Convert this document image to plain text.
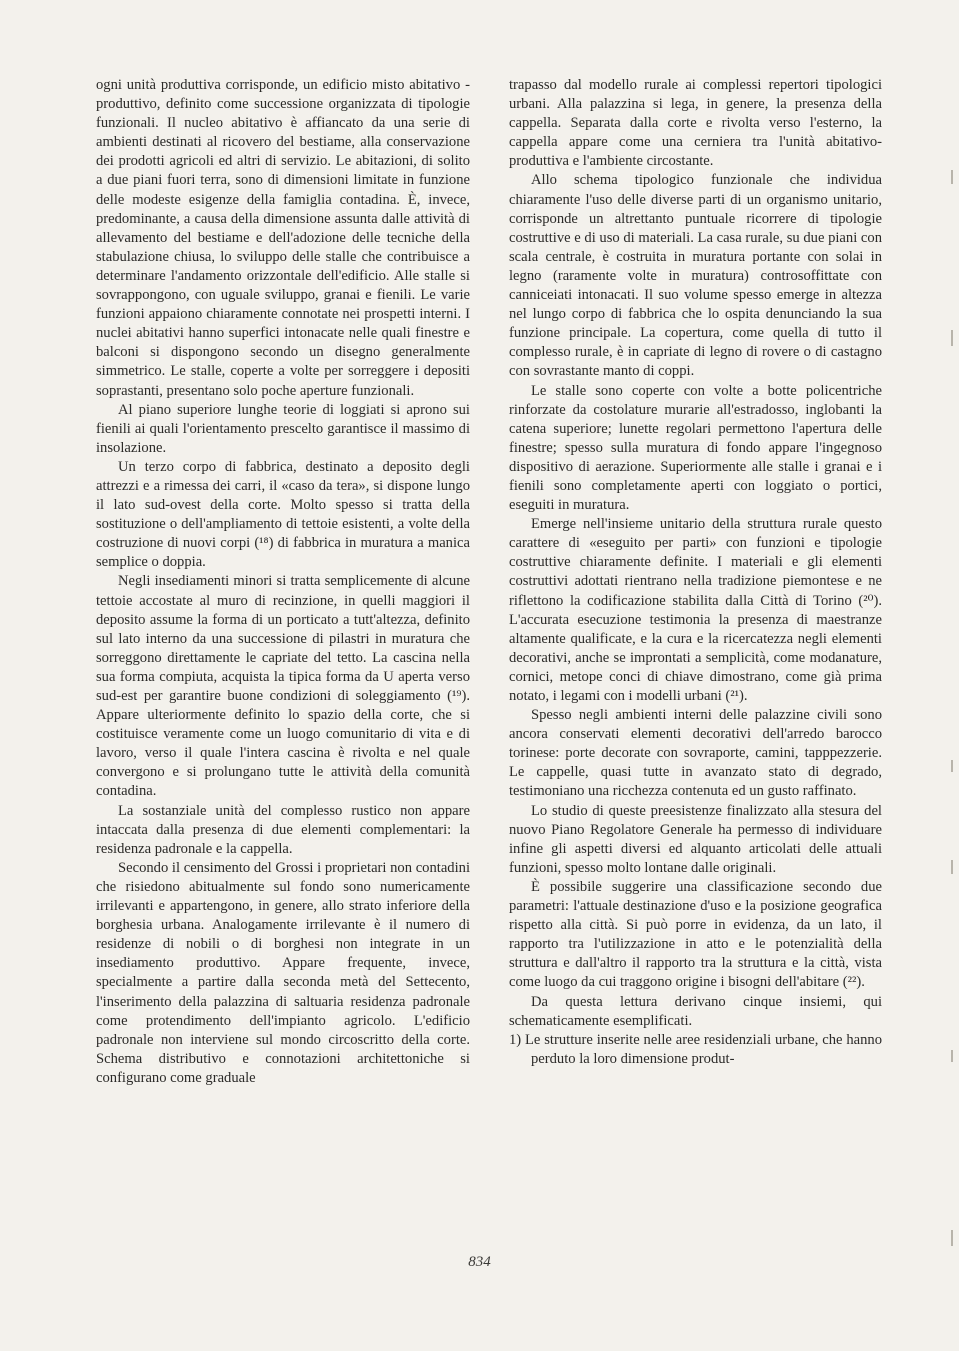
ogni unità produttiva corrisponde, un edificio misto abitativo - produttivo, definito come successione organizzata di tipologie funzionali. Il nucleo abitativo è affiancato da una serie di ambienti destinati al ricovero del bestiame, alla conservazione dei prodotti agricoli ed altri di servizio. Le abitazioni, di solito a due piani fuori terra, sono di dimensioni limitate in funzione delle modeste esigenze della famiglia contadina. È, invece, predominante, a causa della dimensione assunta dalle attività di allevamento del bestiame e dell'adozione delle tecniche della stabulazione chiusa, lo sviluppo delle stalle che contribuisce a determinare l'andamento orizzontale dell'edificio. Alle stalle si sovrappongono, con uguale sviluppo, granai e fienili. Le varie funzioni appaiono chiaramente connotate nei prospetti interni. I nuclei abitativi hanno superfici intonacate nelle quali finestre e balconi si dispongono secondo un disegno generalmente simmetrico. Le stalle, coperte a volte per sorreggere i depositi soprastanti, presentano solo poche aperture funzionali.

Al piano superiore lunghe teorie di loggiati si aprono sui fienili ai quali l'orientamento prescelto garantisce il massimo di insolazione.

Un terzo corpo di fabbrica, destinato a deposito degli attrezzi e a rimessa dei carri, il «caso da tera», si dispone lungo il lato sud-ovest della corte. Molto spesso si tratta della sostituzione o dell'ampliamento di tettoie esistenti, a volte della costruzione di nuovi corpi (¹⁸) di fabbrica in muratura a manica semplice o doppia.

Negli insediamenti minori si tratta semplicemente di alcune tettoie accostate al muro di recinzione, in quelli maggiori il deposito assume la forma di un porticato a tutt'altezza, definito sul lato interno da una successione di pilastri in muratura che sorreggono direttamente le capriate del tetto. La cascina nella sua forma compiuta, acquista la tipica forma da U aperta verso sud-est per garantire buone condizioni di soleggiamento (¹⁹). Appare ulteriormente definito lo spazio della corte, che si costituisce veramente come un luogo comunitario di vita e di lavoro, verso il quale l'intera cascina è rivolta e nel quale convergono e si prolungano tutte le attività della comunità contadina.

La sostanziale unità del complesso rustico non appare intaccata dalla presenza di due elementi complementari: la residenza padronale e la cappella.

Secondo il censimento del Grossi i proprietari non contadini che risiedono abitualmente sul fondo sono numericamente irrilevanti e appartengono, in genere, allo strato inferiore della borghesia urbana. Analogamente irrilevante è il numero di residenze di nobili o di borghesi non integrate in un insediamento produttivo. Appare frequente, invece, specialmente a partire dalla seconda metà del Settecento, l'inserimento della palazzina di saltuaria residenza padronale come protendimento dell'impianto agricolo. L'edificio padronale non interviene sul mondo circoscritto della corte. Schema distributivo e connotazioni architettoniche si configurano come graduale

trapasso dal modello rurale ai complessi repertori tipologici urbani. Alla palazzina si lega, in genere, la presenza della cappella. Separata dalla corte e rivolta verso l'esterno, la cappella appare come una cerniera tra l'unità abitativo-produttiva e l'ambiente circostante.

Allo schema tipologico funzionale che individua chiaramente l'uso delle diverse parti di un organismo unitario, corrisponde un altrettanto puntuale ricorrere di tipologie costruttive e di uso di materiali. La casa rurale, su due piani con scala centrale, è costruita in muratura portante con solai in legno (raramente volte in muratura) controsoffittate con canniceiati intonacati. Il suo volume spesso emerge in altezza nel lungo corpo di fabbrica che lo ospita denunciando la sua funzione principale. La copertura, come quella di tutto il complesso rurale, è in capriate di legno di rovere o di castagno con sovrastante manto di coppi.

Le stalle sono coperte con volte a botte policentriche rinforzate da costolature murarie all'estradosso, inglobanti la catena superiore; lunette regolari permettono l'apertura delle finestre; spesso sulla muratura di fondo appare l'ingegnoso dispositivo di aerazione. Superiormente alle stalle i granai e i fienili sono completamente aperti con loggiato o portici, eseguiti in muratura.

Emerge nell'insieme unitario della struttura rurale questo carattere di «eseguito per parti» con funzioni e tipologie costruttive chiaramente definite. I materiali e gli elementi costruttivi adottati rientrano nella tradizione piemontese e ne riflettono la codificazione stabilita dalla Città di Torino (²⁰). L'accurata esecuzione testimonia la presenza di maestranze altamente qualificate, e la cura e la ricercatezza negli elementi decorativi, anche se improntati a semplicità, come modanature, cornici, metope conci di chiave dimostrano, come già prima notato, i legami con i modelli urbani (²¹).

Spesso negli ambienti interni delle palazzine civili sono ancora conservati elementi decorativi dell'arredo barocco torinese: porte decorate con sovraporte, camini, tapppezzerie. Le cappelle, quasi tutte in avanzato stato di degrado, testimoniano una ricchezza contenuta ed un gusto raffinato.

Lo studio di queste preesistenze finalizzato alla stesura del nuovo Piano Regolatore Generale ha permesso di individuare infine gli aspetti diversi ed alquanto articolati delle attuali funzioni, spesso molto lontane dalle originali.

È possibile suggerire una classificazione secondo due parametri: l'attuale destinazione d'uso e la posizione geografica rispetto alla città. Si può porre in evidenza, da un lato, il rapporto tra l'utilizzazione in atto e le potenzialità della struttura e dall'altro il rapporto tra la struttura e la città, vista come luogo da cui traggono origine i bisogni dell'abitare (²²).

Da questa lettura derivano cinque insiemi, qui schematicamente esemplificati.

1) Le strutture inserite nelle aree residenziali urbane, che hanno perduto la loro dimensione produt-

834
